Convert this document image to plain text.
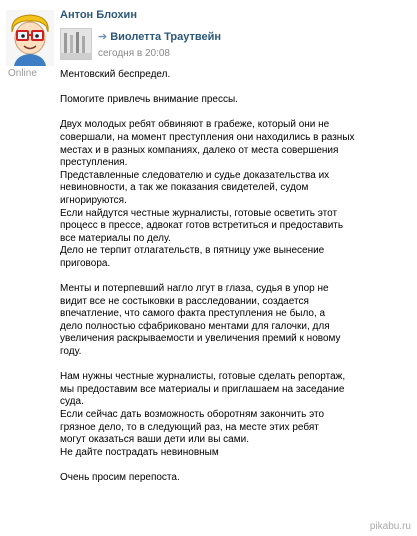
Online
Антон Блохин
➔ Виолетта Траутвейн
сегодня в 20:08
Ментовский беспредел.
Помогите привлечь внимание прессы.
Двух молодых ребят обвиняют в грабеже, который они не
совершали, на момент преступления они находились в разных
местах и в разных компаниях, далеко от места совершения
преступления.
Представленные следователю и судье доказательства их
невиновности, а так же показания свидетелей, судом
игнорируются.
Если найдутся честные журналисты, готовые осветить этот
процесс в прессе, адвокат готов встретиться и предоставить
все материалы по делу.
Дело не терпит отлагательств, в пятницу уже вынесение
приговора.
Менты и потерпевший нагло лгут в глаза, судья в упор не
видит все не состыковки в расследовании, создается
впечатление, что самого факта преступления не было, а
дело полностью сфабриковано ментами для галочки, для
увеличения раскрываемости и увеличения премий к новому
году.
Нам нужны честные журналисты, готовые сделать репортаж,
мы предоставим все материалы и приглашаем на заседание
суда.
Если сейчас дать возможность оборотням закончить это
грязное дело, то в следующий раз, на месте этих ребят
могут оказаться ваши дети или вы сами.
Не дайте пострадать невиновным
Очень просим перепоста.
pikabu.ru
